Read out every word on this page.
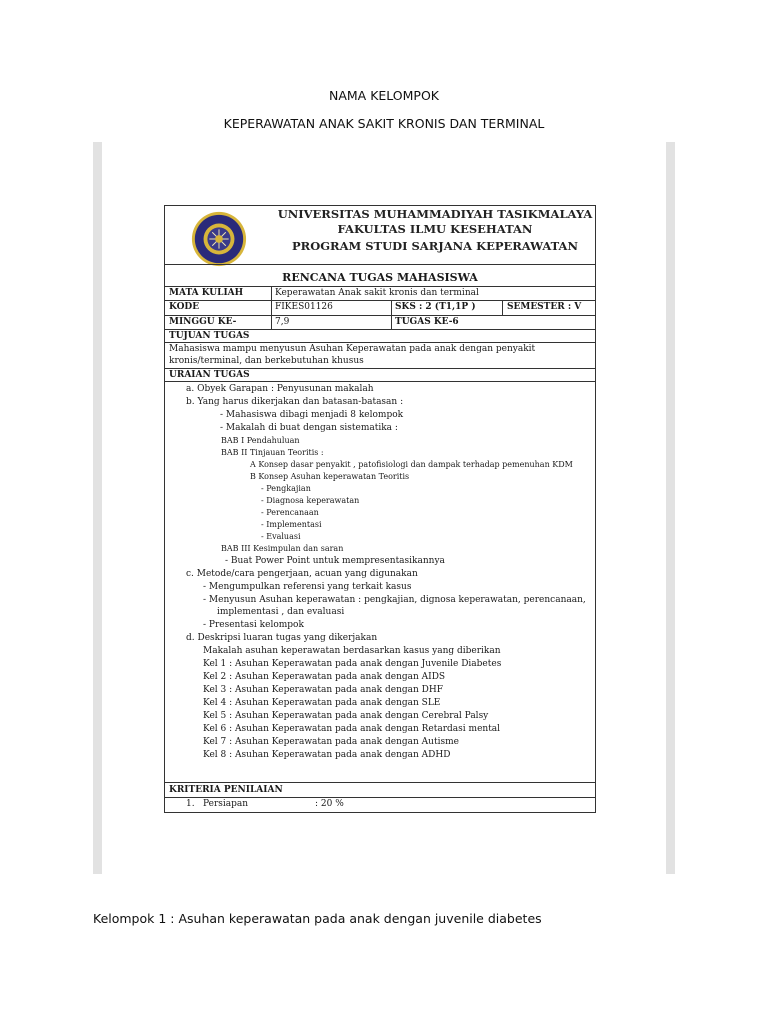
NAMA KELOMPOK
KEPERAWATAN ANAK SAKIT KRONIS DAN TERMINAL
UNIVERSITAS MUHAMMADIYAH TASIKMALAYA
FAKULTAS ILMU KESEHATAN
PROGRAM STUDI SARJANA KEPERAWATAN
RENCANA TUGAS MAHASISWA
MATA KULIAH	Keperawatan Anak sakit kronis dan terminal
KODE	FIKES01126	SKS : 2 (T1,1P )	SEMESTER : V
MINGGU KE-	7,9	TUGAS KE-6
TUJUAN TUGAS
Mahasiswa mampu menyusun Asuhan Keperawatan pada anak dengan penyakit
kronis/terminal, dan berkebutuhan khusus
URAIAN TUGAS
a. Obyek Garapan : Penyusunan makalah
b. Yang harus dikerjakan dan batasan-batasan :
- Mahasiswa dibagi menjadi 8 kelompok
- Makalah di buat dengan sistematika :
BAB I Pendahuluan
BAB II Tinjauan Teoritis :
A Konsep dasar penyakit , patofisiologi dan dampak terhadap pemenuhan KDM
B Konsep Asuhan keperawatan Teoritis
- Pengkajian
- Diagnosa keperawatan
- Perencanaan
- Implementasi
- Evaluasi
BAB III Kesimpulan dan saran
- Buat Power Point untuk mempresentasikannya
c. Metode/cara pengerjaan, acuan yang digunakan
- Mengumpulkan referensi yang terkait kasus
- Menyusun Asuhan keperawatan : pengkajian, dignosa keperawatan, perencanaan,
implementasi , dan evaluasi
- Presentasi kelompok
d. Deskripsi luaran tugas yang dikerjakan
Makalah asuhan keperawatan berdasarkan kasus yang diberikan
Kel 1 : Asuhan Keperawatan pada anak dengan Juvenile Diabetes
Kel 2 : Asuhan Keperawatan pada anak dengan AIDS
Kel 3 : Asuhan Keperawatan pada anak dengan DHF
Kel 4 : Asuhan Keperawatan pada anak dengan SLE
Kel 5 : Asuhan Keperawatan pada anak dengan Cerebral Palsy
Kel 6 : Asuhan Keperawatan pada anak dengan Retardasi mental
Kel 7 : Asuhan Keperawatan pada anak dengan Autisme
Kel 8 : Asuhan Keperawatan pada anak dengan ADHD
KRITERIA PENILAIAN
1. Persiapan	: 20 %
Kelompok 1 : Asuhan keperawatan pada anak dengan juvenile diabetes
